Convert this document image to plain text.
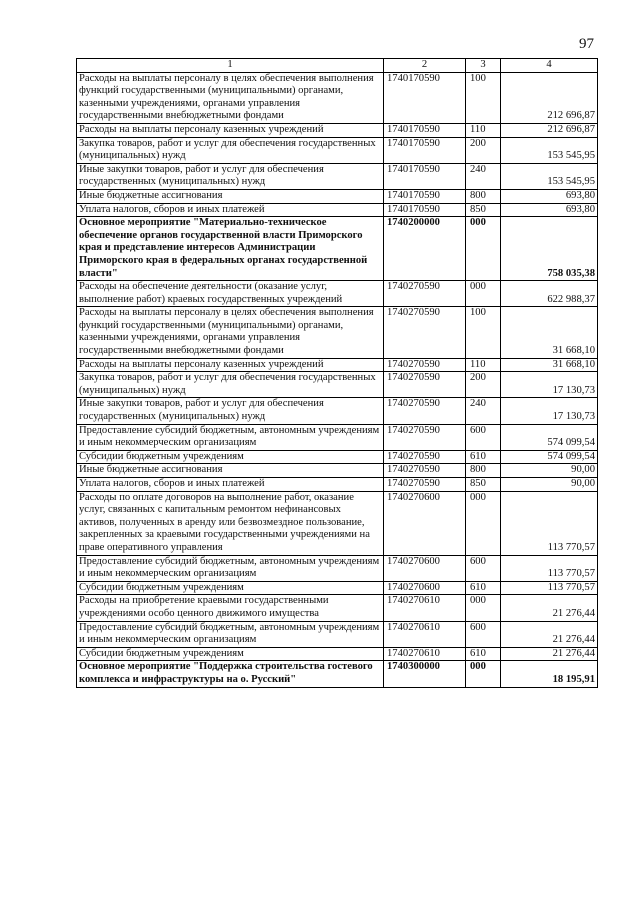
97
1	2	3	4
Расходы на выплаты персоналу в целях обеспечения выполнения функций государственными (муниципальными) органами, казенными учреждениями, органами управления государственными внебюджетными фондами	1740170590	100	212 696,87
Расходы на выплаты персоналу казенных учреждений	1740170590	110	212 696,87
Закупка товаров, работ и услуг для обеспечения государственных (муниципальных) нужд	1740170590	200	153 545,95
Иные закупки товаров, работ и услуг для обеспечения государственных (муниципальных) нужд	1740170590	240	153 545,95
Иные бюджетные ассигнования	1740170590	800	693,80
Уплата налогов, сборов и иных платежей	1740170590	850	693,80
Основное мероприятие "Материально-техническое обеспечение органов государственной власти Приморского края и представление интересов Администрации Приморского края в федеральных органах государственной власти"	1740200000	000	758 035,38
Расходы на обеспечение деятельности (оказание услуг, выполнение работ) краевых государственных учреждений	1740270590	000	622 988,37
Расходы на выплаты персоналу в целях обеспечения выполнения функций государственными (муниципальными) органами, казенными учреждениями, органами управления государственными внебюджетными фондами	1740270590	100	31 668,10
Расходы на выплаты персоналу казенных учреждений	1740270590	110	31 668,10
Закупка товаров, работ и услуг для обеспечения государственных (муниципальных) нужд	1740270590	200	17 130,73
Иные закупки товаров, работ и услуг для обеспечения государственных (муниципальных) нужд	1740270590	240	17 130,73
Предоставление субсидий бюджетным, автономным учреждениям и иным некоммерческим организациям	1740270590	600	574 099,54
Субсидии бюджетным учреждениям	1740270590	610	574 099,54
Иные бюджетные ассигнования	1740270590	800	90,00
Уплата налогов, сборов и иных платежей	1740270590	850	90,00
Расходы по оплате договоров на выполнение работ, оказание услуг, связанных с капитальным ремонтом нефинансовых активов, полученных в аренду или безвозмездное пользование, закрепленных за краевыми государственными учреждениями на праве оперативного управления	1740270600	000	113 770,57
Предоставление субсидий бюджетным, автономным учреждениям и иным некоммерческим организациям	1740270600	600	113 770,57
Субсидии бюджетным учреждениям	1740270600	610	113 770,57
Расходы на приобретение краевыми государственными учреждениями особо ценного движимого имущества	1740270610	000	21 276,44
Предоставление субсидий бюджетным, автономным учреждениям и иным некоммерческим организациям	1740270610	600	21 276,44
Субсидии бюджетным учреждениям	1740270610	610	21 276,44
Основное мероприятие "Поддержка строительства гостевого комплекса и инфраструктуры на о. Русский"	1740300000	000	18 195,91
